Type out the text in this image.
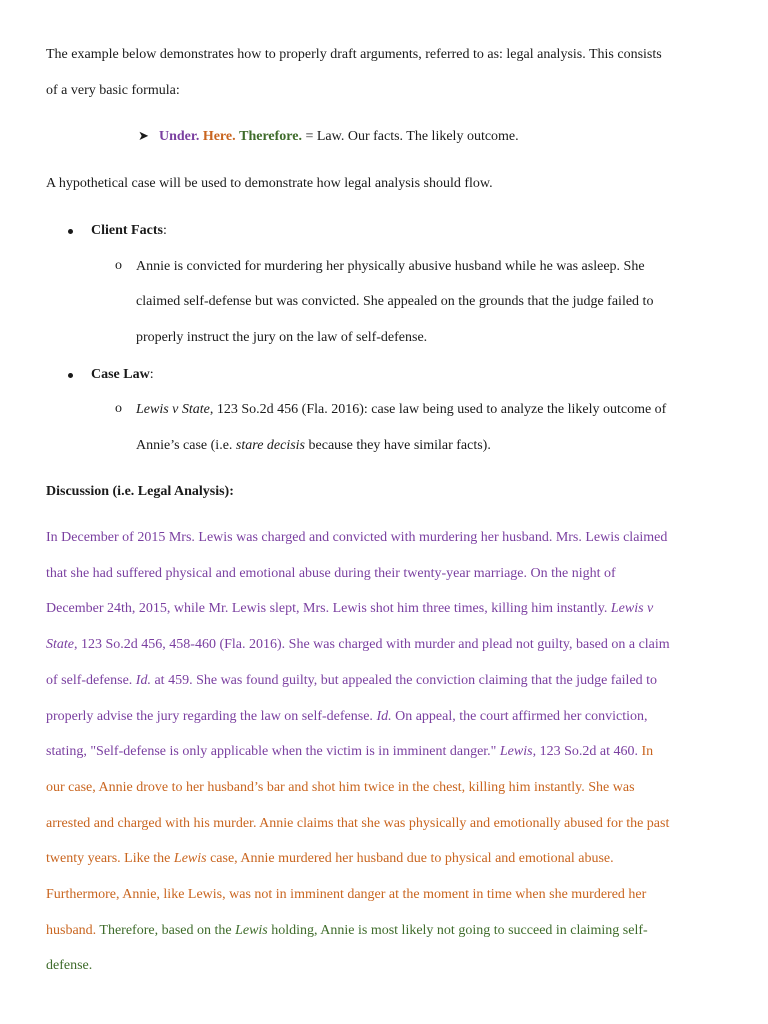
The example below demonstrates how to properly draft arguments, referred to as: legal analysis. This consists
of a very basic formula:
➤ Under. Here. Therefore. = Law. Our facts. The likely outcome.
A hypothetical case will be used to demonstrate how legal analysis should flow.
Client Facts:
o Annie is convicted for murdering her physically abusive husband while he was asleep. She
claimed self-defense but was convicted. She appealed on the grounds that the judge failed to
properly instruct the jury on the law of self-defense.
Case Law:
o Lewis v State, 123 So.2d 456 (Fla. 2016): case law being used to analyze the likely outcome of
Annie’s case (i.e. stare decisis because they have similar facts).
Discussion (i.e. Legal Analysis):
In December of 2015 Mrs. Lewis was charged and convicted with murdering her husband. Mrs. Lewis claimed
that she had suffered physical and emotional abuse during their twenty-year marriage. On the night of
December 24th, 2015, while Mr. Lewis slept, Mrs. Lewis shot him three times, killing him instantly. Lewis v
State, 123 So.2d 456, 458-460 (Fla. 2016). She was charged with murder and plead not guilty, based on a claim
of self-defense. Id. at 459. She was found guilty, but appealed the conviction claiming that the judge failed to
properly advise the jury regarding the law on self-defense. Id. On appeal, the court affirmed her conviction,
stating, "Self-defense is only applicable when the victim is in imminent danger." Lewis, 123 So.2d at 460. In
our case, Annie drove to her husband’s bar and shot him twice in the chest, killing him instantly. She was
arrested and charged with his murder. Annie claims that she was physically and emotionally abused for the past
twenty years. Like the Lewis case, Annie murdered her husband due to physical and emotional abuse.
Furthermore, Annie, like Lewis, was not in imminent danger at the moment in time when she murdered her
husband. Therefore, based on the Lewis holding, Annie is most likely not going to succeed in claiming self-
defense.
